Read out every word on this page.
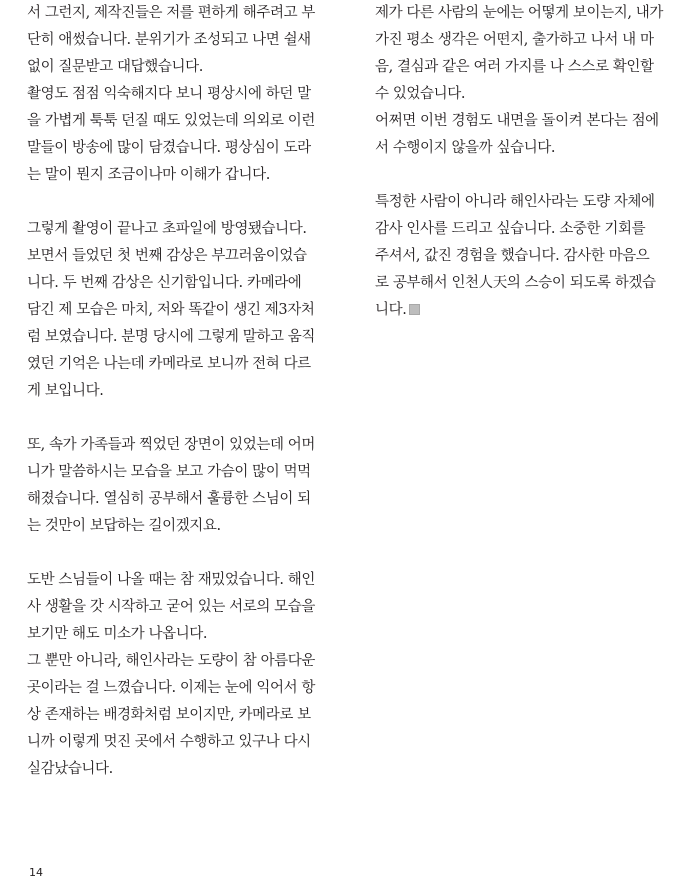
서 그런지, 제작진들은 저를 편하게 해주려고 부
단히 애썼습니다. 분위기가 조성되고 나면 쉴새
없이 질문받고 대답했습니다.

촬영도 점점 익숙해지다 보니 평상시에 하던 말
을 가볍게 툭툭 던질 때도 있었는데 의외로 이런
말들이 방송에 많이 담겼습니다. 평상심이 도라
는 말이 뭔지 조금이나마 이해가 갑니다.

그렇게 촬영이 끝나고 초파일에 방영됐습니다.
보면서 들었던 첫 번째 감상은 부끄러움이었습
니다. 두 번째 감상은 신기함입니다. 카메라에
담긴 제 모습은 마치, 저와 똑같이 생긴 제3자처
럼 보였습니다. 분명 당시에 그렇게 말하고 움직
였던 기억은 나는데 카메라로 보니까 전혀 다르
게 보입니다.

또, 속가 가족들과 찍었던 장면이 있었는데 어머
니가 말씀하시는 모습을 보고 가슴이 많이 먹먹
해졌습니다. 열심히 공부해서 훌륭한 스님이 되
는 것만이 보답하는 길이겠지요.

도반 스님들이 나올 때는 참 재밌었습니다. 해인
사 생활을 갓 시작하고 굳어 있는 서로의 모습을
보기만 해도 미소가 나옵니다.

그 뿐만 아니라, 해인사라는 도량이 참 아름다운
곳이라는 걸 느꼈습니다. 이제는 눈에 익어서 항
상 존재하는 배경화처럼 보이지만, 카메라로 보
니까 이렇게 멋진 곳에서 수행하고 있구나 다시
실감났습니다.

제가 다른 사람의 눈에는 어떻게 보이는지, 내가
가진 평소 생각은 어떤지, 출가하고 나서 내 마
음, 결심과 같은 여러 가지를 나 스스로 확인할
수 있었습니다.

어쩌면 이번 경험도 내면을 돌이켜 본다는 점에
서 수행이지 않을까 싶습니다.

특정한 사람이 아니라 해인사라는 도량 자체에
감사 인사를 드리고 싶습니다. 소중한 기회를
주셔서, 값진 경험을 했습니다. 감사한 마음으
로 공부해서 인천人天의 스승이 되도록 하겠습
니다.

14
